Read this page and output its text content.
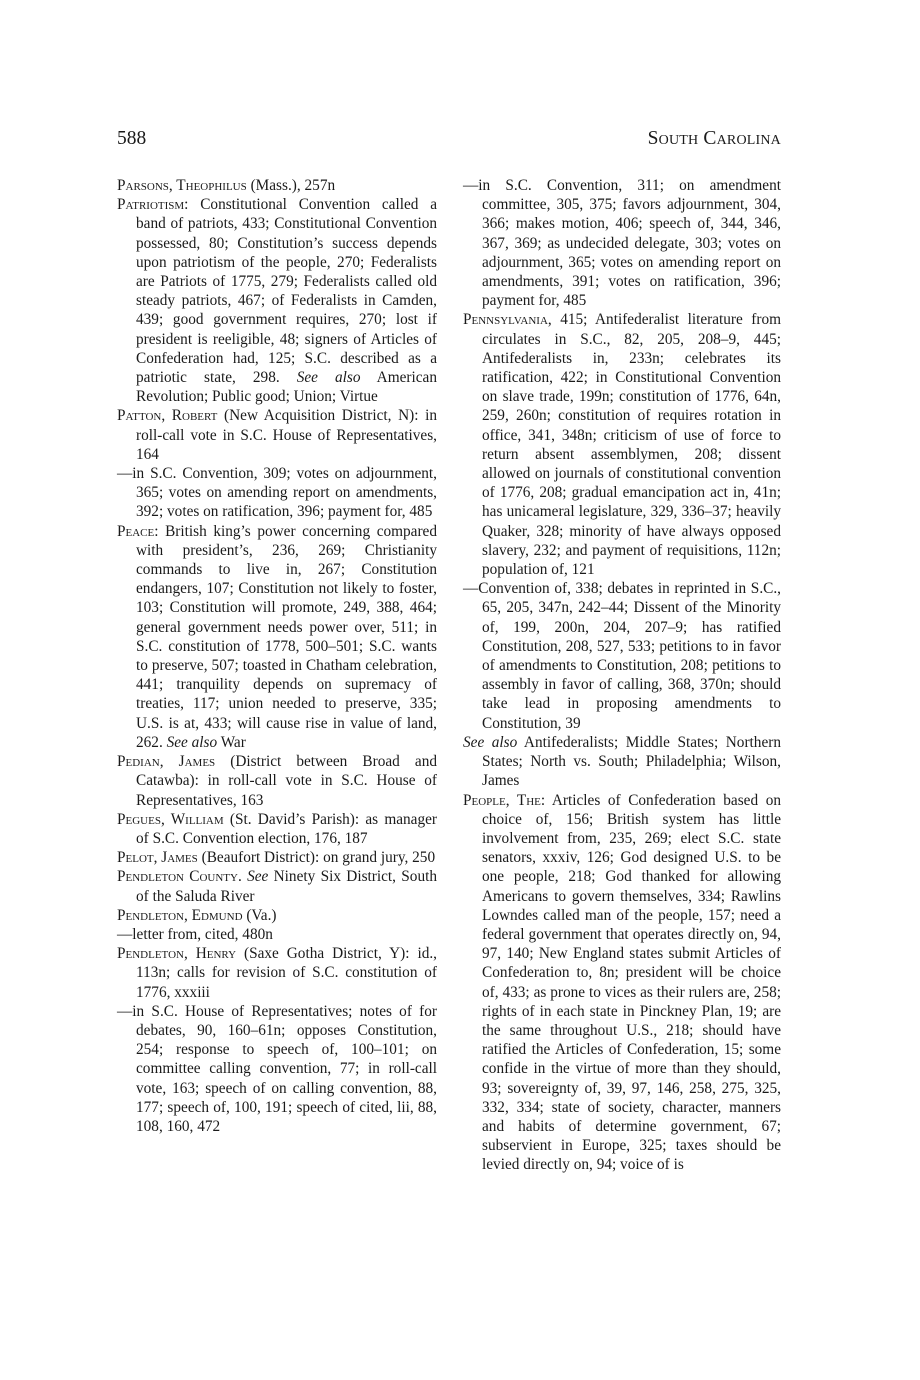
588	South Carolina

Parsons, Theophilus (Mass.), 257n

Patriotism: Constitutional Convention called a band of patriots, 433; Constitutional Convention possessed, 80; Constitution’s success depends upon patriotism of the people, 270; Federalists are Patriots of 1775, 279; Federalists called old steady patriots, 467; of Federalists in Camden, 439; good government requires, 270; lost if president is reeligible, 48; signers of Articles of Confederation had, 125; S.C. described as a patriotic state, 298. See also American Revolution; Public good; Union; Virtue

Patton, Robert (New Acquisition District, N): in roll-call vote in S.C. House of Representatives, 164

—in S.C. Convention, 309; votes on adjournment, 365; votes on amending report on amendments, 392; votes on ratification, 396; payment for, 485

Peace: British king’s power concerning compared with president’s, 236, 269; Christianity commands to live in, 267; Constitution endangers, 107; Constitution not likely to foster, 103; Constitution will promote, 249, 388, 464; general government needs power over, 511; in S.C. constitution of 1778, 500–501; S.C. wants to preserve, 507; toasted in Chatham celebration, 441; tranquility depends on supremacy of treaties, 117; union needed to preserve, 335; U.S. is at, 433; will cause rise in value of land, 262. See also War

Pedian, James (District between Broad and Catawba): in roll-call vote in S.C. House of Representatives, 163

Pegues, William (St. David’s Parish): as manager of S.C. Convention election, 176, 187

Pelot, James (Beaufort District): on grand jury, 250

Pendleton County. See Ninety Six District, South of the Saluda River

Pendleton, Edmund (Va.)

—letter from, cited, 480n

Pendleton, Henry (Saxe Gotha District, Y): id., 113n; calls for revision of S.C. constitution of 1776, xxxiii

—in S.C. House of Representatives; notes of for debates, 90, 160–61n; opposes Constitution, 254; response to speech of, 100–101; on committee calling convention, 77; in roll-call vote, 163; speech of on calling convention, 88, 177; speech of, 100, 191; speech of cited, lii, 88, 108, 160, 472

—in S.C. Convention, 311; on amendment committee, 305, 375; favors adjournment, 304, 366; makes motion, 406; speech of, 344, 346, 367, 369; as undecided delegate, 303; votes on adjournment, 365; votes on amending report on amendments, 391; votes on ratification, 396; payment for, 485

Pennsylvania, 415; Antifederalist literature from circulates in S.C., 82, 205, 208–9, 445; Antifederalists in, 233n; celebrates its ratification, 422; in Constitutional Convention on slave trade, 199n; constitution of 1776, 64n, 259, 260n; constitution of requires rotation in office, 341, 348n; criticism of use of force to return absent assemblymen, 208; dissent allowed on journals of constitutional convention of 1776, 208; gradual emancipation act in, 41n; has unicameral legislature, 329, 336–37; heavily Quaker, 328; minority of have always opposed slavery, 232; and payment of requisitions, 112n; population of, 121

—Convention of, 338; debates in reprinted in S.C., 65, 205, 347n, 242–44; Dissent of the Minority of, 199, 200n, 204, 207–9; has ratified Constitution, 208, 527, 533; petitions to in favor of amendments to Constitution, 208; petitions to assembly in favor of calling, 368, 370n; should take lead in proposing amendments to Constitution, 39

See also Antifederalists; Middle States; Northern States; North vs. South; Philadelphia; Wilson, James

People, The: Articles of Confederation based on choice of, 156; British system has little involvement from, 235, 269; elect S.C. state senators, xxxiv, 126; God designed U.S. to be one people, 218; God thanked for allowing Americans to govern themselves, 334; Rawlins Lowndes called man of the people, 157; need a federal government that operates directly on, 94, 97, 140; New England states submit Articles of Confederation to, 8n; president will be choice of, 433; as prone to vices as their rulers are, 258; rights of in each state in Pinckney Plan, 19; are the same throughout U.S., 218; should have ratified the Articles of Confederation, 15; some confide in the virtue of more than they should, 93; sovereignty of, 39, 97, 146, 258, 275, 325, 332, 334; state of society, character, manners and habits of determine government, 67; subservient in Europe, 325; taxes should be levied directly on, 94; voice of is
